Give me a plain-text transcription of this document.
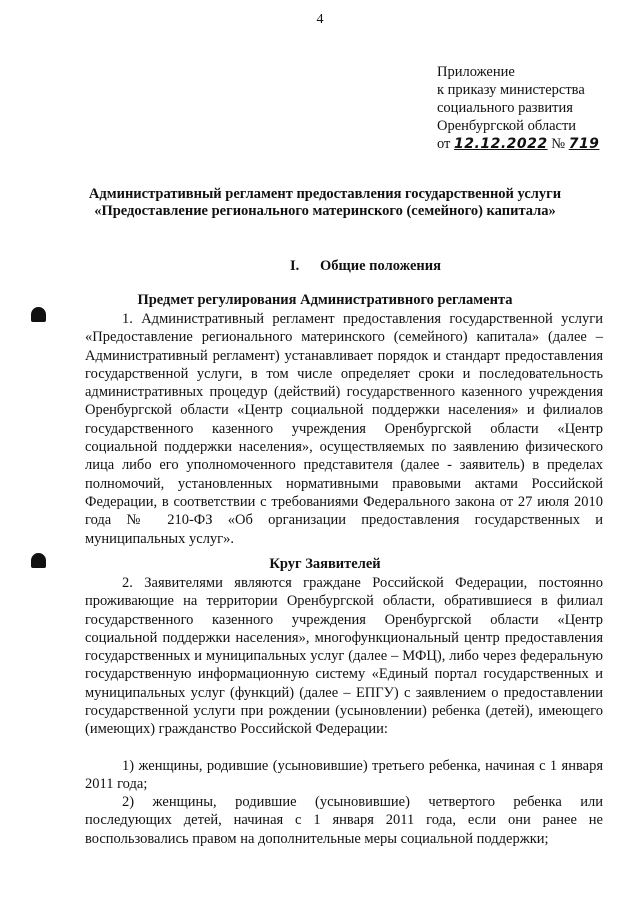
4
Приложение
к приказу министерства
социального развития
Оренбургской области
от 12.12.2022 № 719
Административный регламент предоставления государственной услуги «Предоставление регионального материнского (семейного) капитала»
I. Общие положения
Предмет регулирования Административного регламента
1. Административный регламент предоставления государственной услуги «Предоставление регионального материнского (семейного) капитала» (далее – Административный регламент) устанавливает порядок и стандарт предоставления государственной услуги, в том числе определяет сроки и последовательность административных процедур (действий) государственного казенного учреждения Оренбургской области «Центр социальной поддержки населения» и филиалов государственного казенного учреждения Оренбургской области «Центр социальной поддержки населения», осуществляемых по заявлению физического лица либо его уполномоченного представителя (далее - заявитель) в пределах полномочий, установленных нормативными правовыми актами Российской Федерации, в соответствии с требованиями Федерального закона от 27 июля 2010 года № 210-ФЗ «Об организации предоставления государственных и муниципальных услуг».
Круг Заявителей
2. Заявителями являются граждане Российской Федерации, постоянно проживающие на территории Оренбургской области, обратившиеся в филиал государственного казенного учреждения Оренбургской области «Центр социальной поддержки населения», многофункциональный центр предоставления государственных и муниципальных услуг (далее – МФЦ), либо через федеральную государственную информационную систему «Единый портал государственных и муниципальных услуг (функций) (далее – ЕПГУ) с заявлением о предоставлении государственной услуги при рождении (усыновлении) ребенка (детей), имеющего (имеющих) гражданство Российской Федерации:
1) женщины, родившие (усыновившие) третьего ребенка, начиная с 1 января 2011 года;
2) женщины, родившие (усыновившие) четвертого ребенка или последующих детей, начиная с 1 января 2011 года, если они ранее не воспользовались правом на дополнительные меры социальной поддержки;
